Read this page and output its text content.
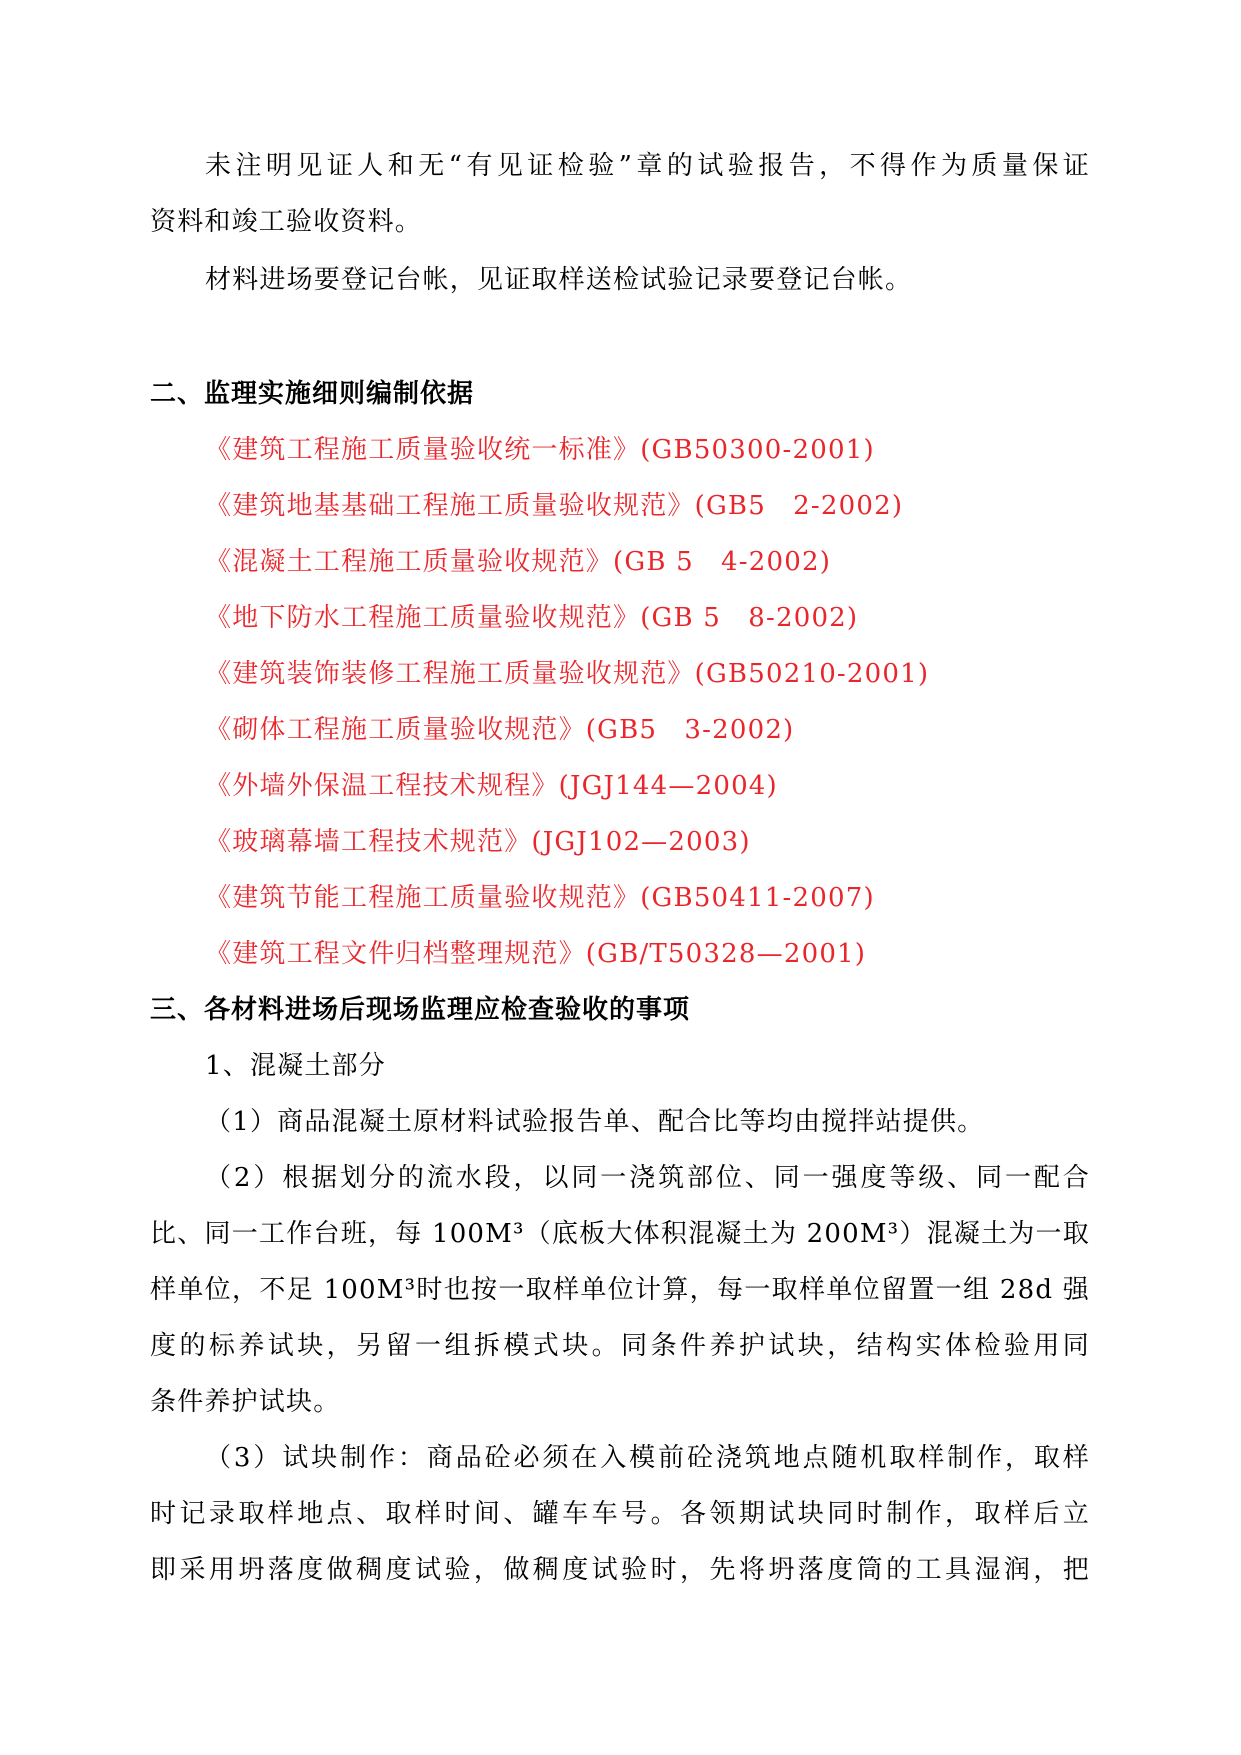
未注明见证人和无“有见证检验”章的试验报告，不得作为质量保证
资料和竣工验收资料。
材料进场要登记台帐，见证取样送检试验记录要登记台帐。
二、监理实施细则编制依据
《建筑工程施工质量验收统一标准》(GB50300-2001)
《建筑地基基础工程施工质量验收规范》(GB5　2-2002)
《混凝土工程施工质量验收规范》(GB 5　4-2002)
《地下防水工程施工质量验收规范》(GB 5　8-2002)
《建筑装饰装修工程施工质量验收规范》(GB50210-2001)
《砌体工程施工质量验收规范》(GB5　3-2002)
《外墙外保温工程技术规程》(JGJ144—2004)
《玻璃幕墙工程技术规范》(JGJ102—2003)
《建筑节能工程施工质量验收规范》(GB50411-2007)
《建筑工程文件归档整理规范》(GB/T50328—2001)
三、各材料进场后现场监理应检查验收的事项
1、混凝土部分
（1）商品混凝土原材料试验报告单、配合比等均由搅拌站提供。
（2）根据划分的流水段，以同一浇筑部位、同一强度等级、同一配合
比、同一工作台班，每 100M³（底板大体积混凝土为 200M³）混凝土为一取
样单位，不足 100M³时也按一取样单位计算，每一取样单位留置一组 28d 强
度的标养试块，另留一组拆模式块。同条件养护试块，结构实体检验用同
条件养护试块。
（3）试块制作：商品砼必须在入模前砼浇筑地点随机取样制作，取样
时记录取样地点、取样时间、罐车车号。各领期试块同时制作，取样后立
即采用坍落度做稠度试验，做稠度试验时，先将坍落度筒的工具湿润，把
